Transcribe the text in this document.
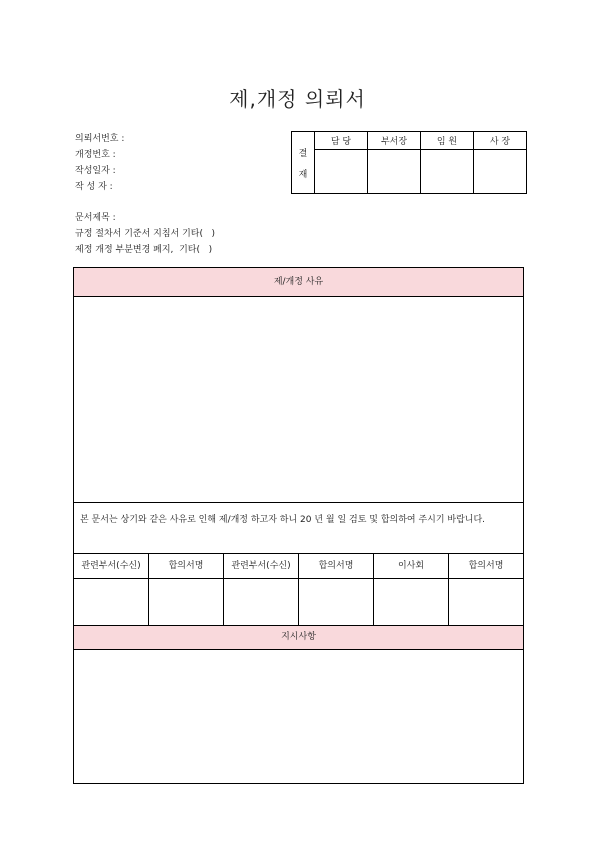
제,개정 의뢰서
의뢰서번호 :
개정번호 :
작성일자 :
작 성 자 :
결
재	담 당	부서장	임 원	사 장

문서제목 :
규정 절차서 기준서 지침서 기타(   )
제정 개정 부분변경 폐지,  기타(   )
제/개정 사유
본 문서는 상기와 같은 사유로 인해 제/개정 하고자 하니 20 년 월 일 검토 및 합의하여 주시기 바랍니다.
관련부서(수신)	합의서명	관련부서(수신)	합의서명	이사회	합의서명
지시사항
